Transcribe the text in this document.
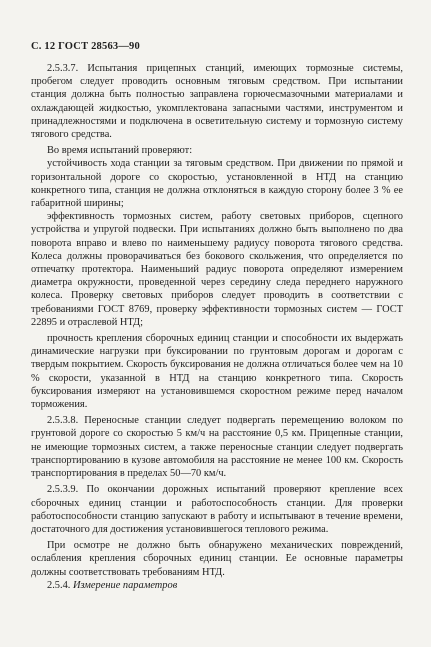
С. 12 ГОСТ 28563—90

2.5.3.7. Испытания прицепных станций, имеющих тормозные системы, пробегом следует проводить основным тяговым средством. При испытании станция должна быть полностью заправлена горючесмазочными материалами и охлаждающей жидкостью, укомплектована запасными частями, инструментом и принадлежностями и подключена в осветительную систему и тормозную систему тягового средства.

Во время испытаний проверяют:

устойчивость хода станции за тяговым средством. При движении по прямой и горизонтальной дороге со скоростью, установленной в НТД на станцию конкретного типа, станция не должна отклоняться в каждую сторону более 3 % ее габаритной ширины;

эффективность тормозных систем, работу световых приборов, сцепного устройства и упругой подвески. При испытаниях должно быть выполнено по два поворота вправо и влево по наименьшему радиусу поворота тягового средства. Колеса должны проворачиваться без бокового скольжения, что определяется по отпечатку протектора. Наименьший радиус поворота определяют измерением диаметра окружности, проведенной через середину следа переднего наружного колеса. Проверку световых приборов следует проводить в соответствии с требованиями ГОСТ 8769, проверку эффективности тормозных систем — ГОСТ 22895 и отраслевой НТД;

прочность крепления сборочных единиц станции и способности их выдержать динамические нагрузки при буксировании по грунтовым дорогам и дорогам с твердым покрытием. Скорость буксирования не должна отличаться более чем на 10 % скорости, указанной в НТД на станцию конкретного типа. Скорость буксирования измеряют на установившемся скоростном режиме перед началом торможения.

2.5.3.8. Переносные станции следует подвергать перемещению волоком по грунтовой дороге со скоростью 5 км/ч на расстояние 0,5 км. Прицепные станции, не имеющие тормозных систем, а также переносные станции следует подвергать транспортированию в кузове автомобиля на расстояние не менее 100 км. Скорость транспортирования в пределах 50—70 км/ч.

2.5.3.9. По окончании дорожных испытаний проверяют крепление всех сборочных единиц станции и работоспособность станции. Для проверки работоспособности станцию запускают в работу и испытывают в течение времени, достаточного для достижения установившегося теплового режима.

При осмотре не должно быть обнаружено механических повреждений, ослабления крепления сборочных единиц станции. Ее основные параметры должны соответствовать требованиям НТД.

2.5.4. Измерение параметров
